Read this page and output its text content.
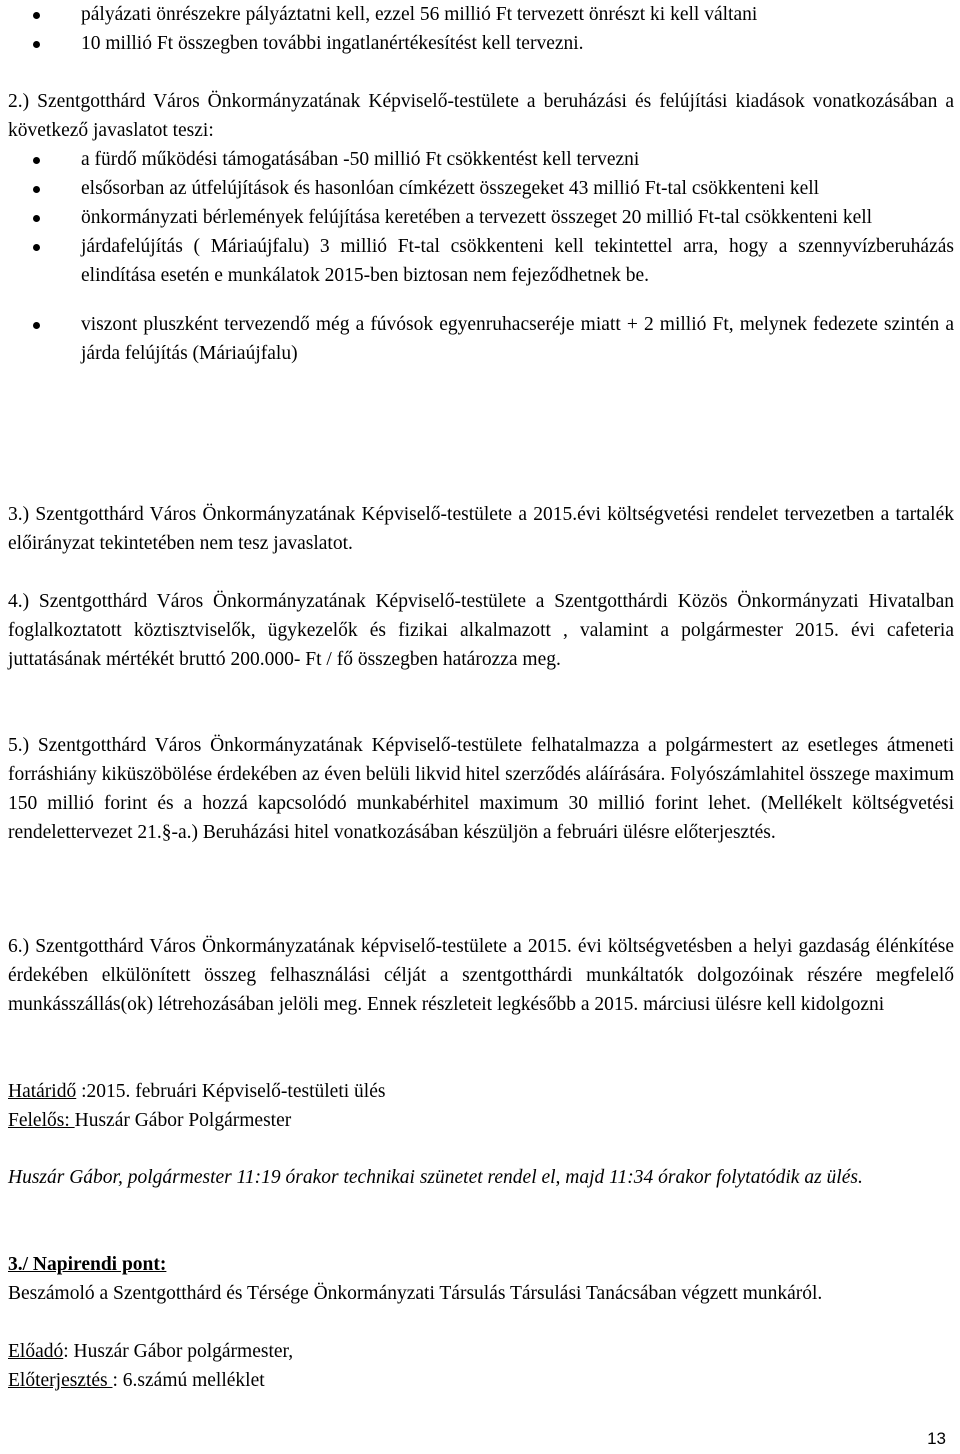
pályázati önrészekre pályáztatni kell, ezzel 56 millió Ft tervezett önrészt ki kell váltani
10 millió Ft összegben további ingatlanértékesítést kell tervezni.

2.) Szentgotthárd Város Önkormányzatának Képviselő-testülete a beruházási és felújítási kiadások vonatkozásában a következő javaslatot teszi:

a fürdő működési támogatásában -50 millió Ft csökkentést kell tervezni
elsősorban az útfelújítások és hasonlóan címkézett összegeket 43 millió Ft-tal csökkenteni kell
önkormányzati bérlemények felújítása keretében a tervezett összeget 20 millió Ft-tal csökkenteni kell
járdafelújítás ( Máriaújfalu) 3 millió Ft-tal csökkenteni kell tekintettel arra, hogy a szennyvízberuházás elindítása esetén e munkálatok 2015-ben biztosan nem fejeződhetnek be.
viszont pluszként tervezendő még a fúvósok egyenruhacseréje miatt + 2 millió Ft, melynek fedezete szintén a járda felújítás (Máriaújfalu)

3.) Szentgotthárd Város Önkormányzatának Képviselő-testülete a 2015.évi költségvetési rendelet tervezetben a tartalék előirányzat tekintetében nem tesz javaslatot.

4.) Szentgotthárd Város Önkormányzatának Képviselő-testülete a Szentgotthárdi Közös Önkormányzati Hivatalban foglalkoztatott köztisztviselők, ügykezelők és fizikai alkalmazott , valamint a polgármester 2015. évi cafeteria juttatásának mértékét bruttó 200.000- Ft / fő összegben határozza meg.

5.) Szentgotthárd Város Önkormányzatának Képviselő-testülete felhatalmazza a polgármestert az esetleges átmeneti forráshiány kiküszöbölése érdekében az éven belüli likvid hitel szerződés aláírására. Folyószámlahitel összege maximum 150 millió forint és a hozzá kapcsolódó munkabérhitel maximum 30 millió forint lehet. (Mellékelt költségvetési rendelettervezet 21.§-a.) Beruházási hitel vonatkozásában készüljön a februári ülésre előterjesztés.

6.) Szentgotthárd Város Önkormányzatának képviselő-testülete a 2015. évi költségvetésben a helyi gazdaság élénkítése érdekében elkülönített összeg felhasználási célját a szentgotthárdi munkáltatók dolgozóinak részére megfelelő munkásszállás(ok) létrehozásában jelöli meg. Ennek részleteit legkésőbb a 2015. márciusi ülésre kell kidolgozni

Határidő :2015. februári Képviselő-testületi ülés
Felelős: Huszár Gábor Polgármester

Huszár Gábor, polgármester 11:19 órakor technikai szünetet rendel el, majd 11:34 órakor folytatódik az ülés.

3./ Napirendi pont:

Beszámoló a Szentgotthárd és Térsége Önkormányzati Társulás Társulási Tanácsában végzett munkáról.

Előadó: Huszár Gábor polgármester,
Előterjesztés : 6.számú melléklet
13
